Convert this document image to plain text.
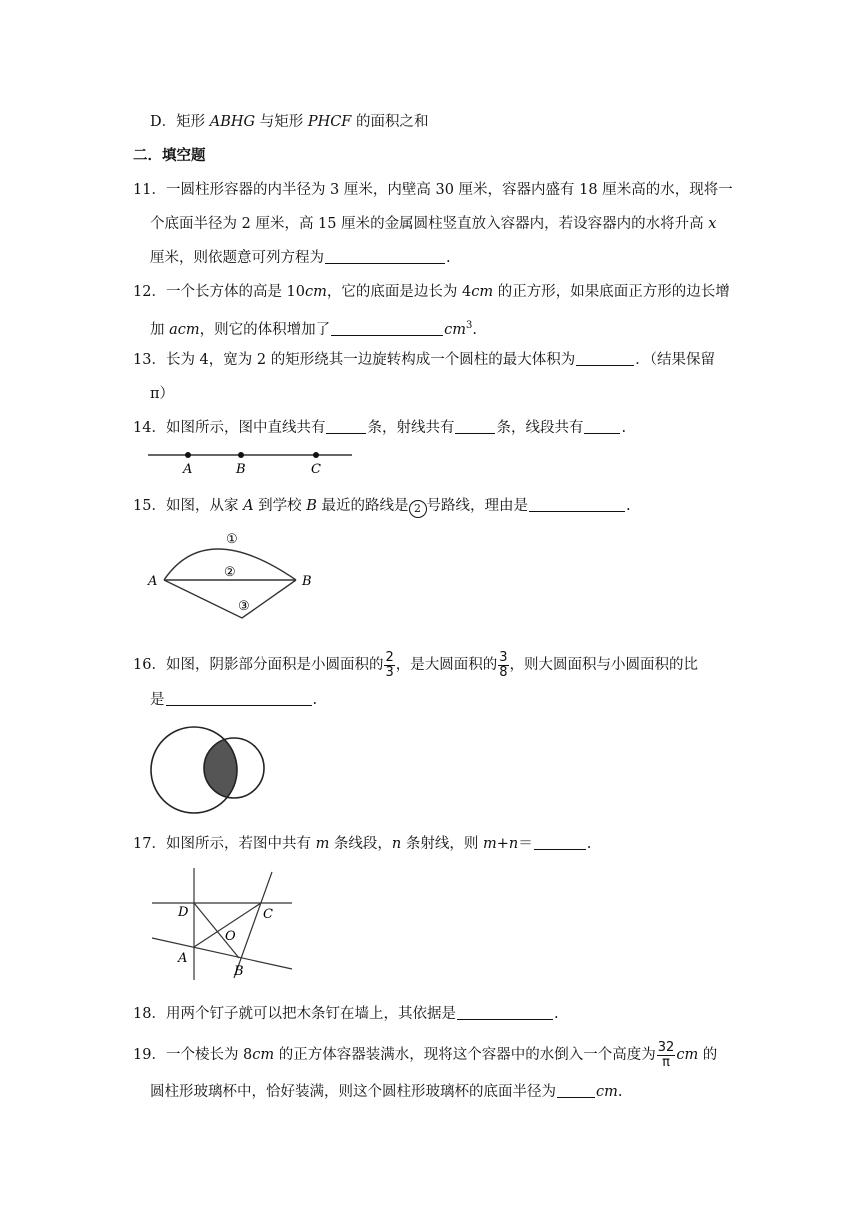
D．矩形 ABHG 与矩形 PHCF 的面积之和
二．填空题
11．一圆柱形容器的内半径为 3 厘米，内壁高 30 厘米，容器内盛有 18 厘米高的水，现将一
个底面半径为 2 厘米，高 15 厘米的金属圆柱竖直放入容器内，若设容器内的水将升高 x
厘米，则依题意可列方程为	.
12．一个长方体的高是 10cm，它的底面是边长为 4cm 的正方形，如果底面正方形的边长增
加 acm，则它的体积增加了	$cm^3$.
13．长为 4，宽为 2 的矩形绕其一边旋转构成一个圆柱的最大体积为	．（结果保留
π）
14．如图所示，图中直线共有	条，射线共有	条，线段共有	.
A	B	C
15．如图，从家 A 到学校 B 最近的路线是 2 号路线，理由是	.
A	B
①
②
③
16．如图，阴影部分面积是小圆面积的 $\frac{2}{3}$ ，是大圆面积的 $\frac{3}{8}$ ，则大圆面积与小圆面积的比
是	.
17．如图所示，若图中共有 m 条线段，n 条射线，则 m+n＝	.
D	C
O
A
B
18．用两个钉子就可以把木条钉在墙上，其依据是	.
19．一个棱长为 8cm 的正方体容器装满水，现将这个容器中的水倒入一个高度为 $\frac{32}{\pi}$ cm 的
圆柱形玻璃杯中，恰好装满，则这个圆柱形玻璃杯的底面半径为	cm.
